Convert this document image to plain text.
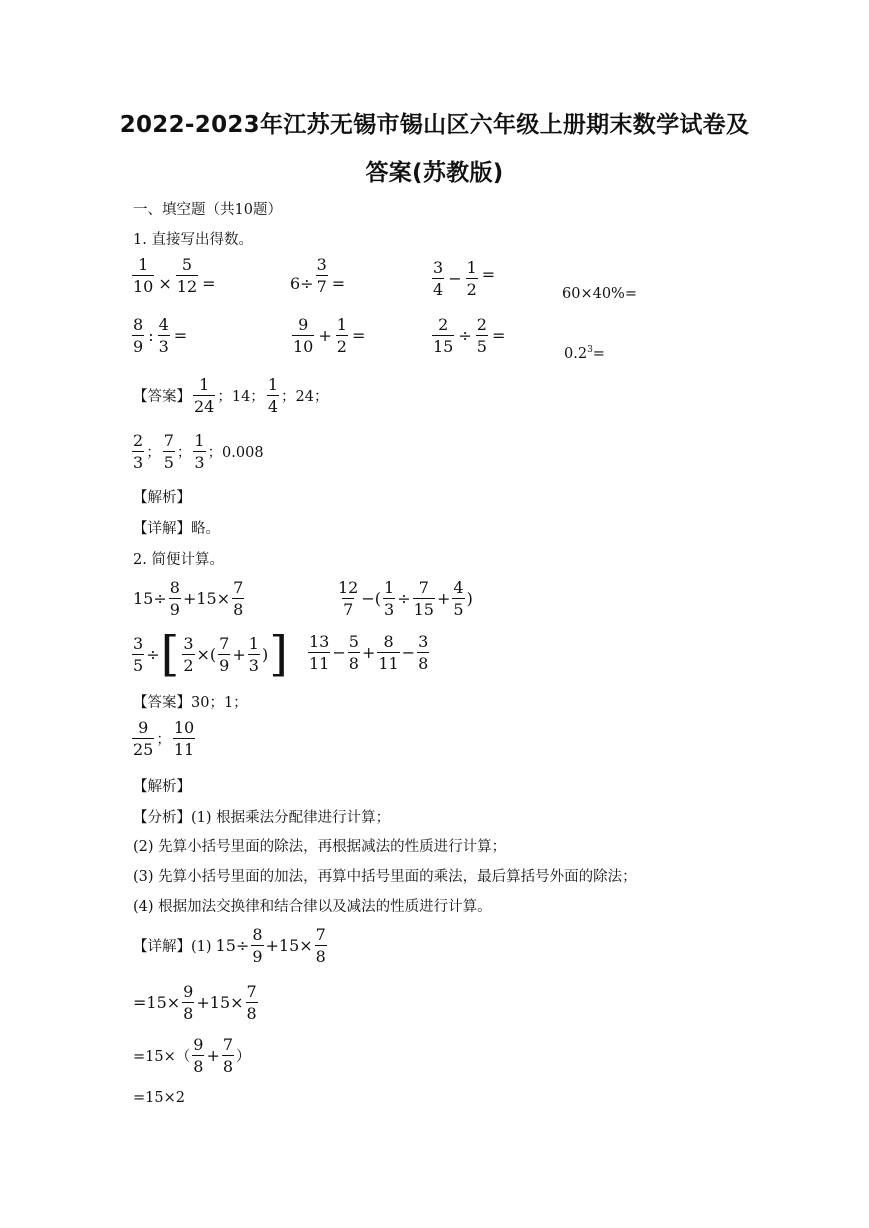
2022-2023年江苏无锡市锡山区六年级上册期末数学试卷及
答案(苏教版)
一、填空题（共10题）
1. 直接写出得数。
$\frac{1}{10} \times \frac{5}{12}$ =	$6\div \frac{3}{7}$ =	$\frac{3}{4} - \frac{1}{2}$ =
60×40%=
$\frac{8}{9}$ : $\frac{4}{3}$ =	$\frac{9}{10} + \frac{1}{2}$ =	$\frac{2}{15} \div \frac{2}{5}$ =
$0.2^3=$
【答案】 $\frac{1}{24}$ ；14； $\frac{1}{4}$ ；24；
$\frac{2}{3}$ ； $\frac{7}{5}$ ； $\frac{1}{3}$ ；0.008
【解析】
【详解】略。
2. 简便计算。
$15\div \frac{8}{9} +15\times \frac{7}{8}$	$\frac{12}{7}$ −( $\frac{1}{3} \div \frac{7}{15} + \frac{4}{5}$ )
$\frac{3}{5}$ ÷ [ $\frac{3}{2}$ ×( $\frac{7}{9} + \frac{1}{3}$ ) ] $\frac{13}{11} - \frac{5}{8} + \frac{8}{11} - \frac{3}{8}$
【答案】30；1；
$\frac{9}{25}$ ； $\frac{10}{11}$
【解析】
【分析】(1) 根据乘法分配律进行计算；
(2) 先算小括号里面的除法，再根据减法的性质进行计算；
(3) 先算小括号里面的加法，再算中括号里面的乘法，最后算括号外面的除法；
(4) 根据加法交换律和结合律以及减法的性质进行计算。
【详解】(1) $15\div \frac{8}{9} +15\times \frac{7}{8}$
$=15\times \frac{9}{8} +15\times \frac{7}{8}$
$=15\times( \frac{9}{8} + \frac{7}{8}$ ）
=15×2
